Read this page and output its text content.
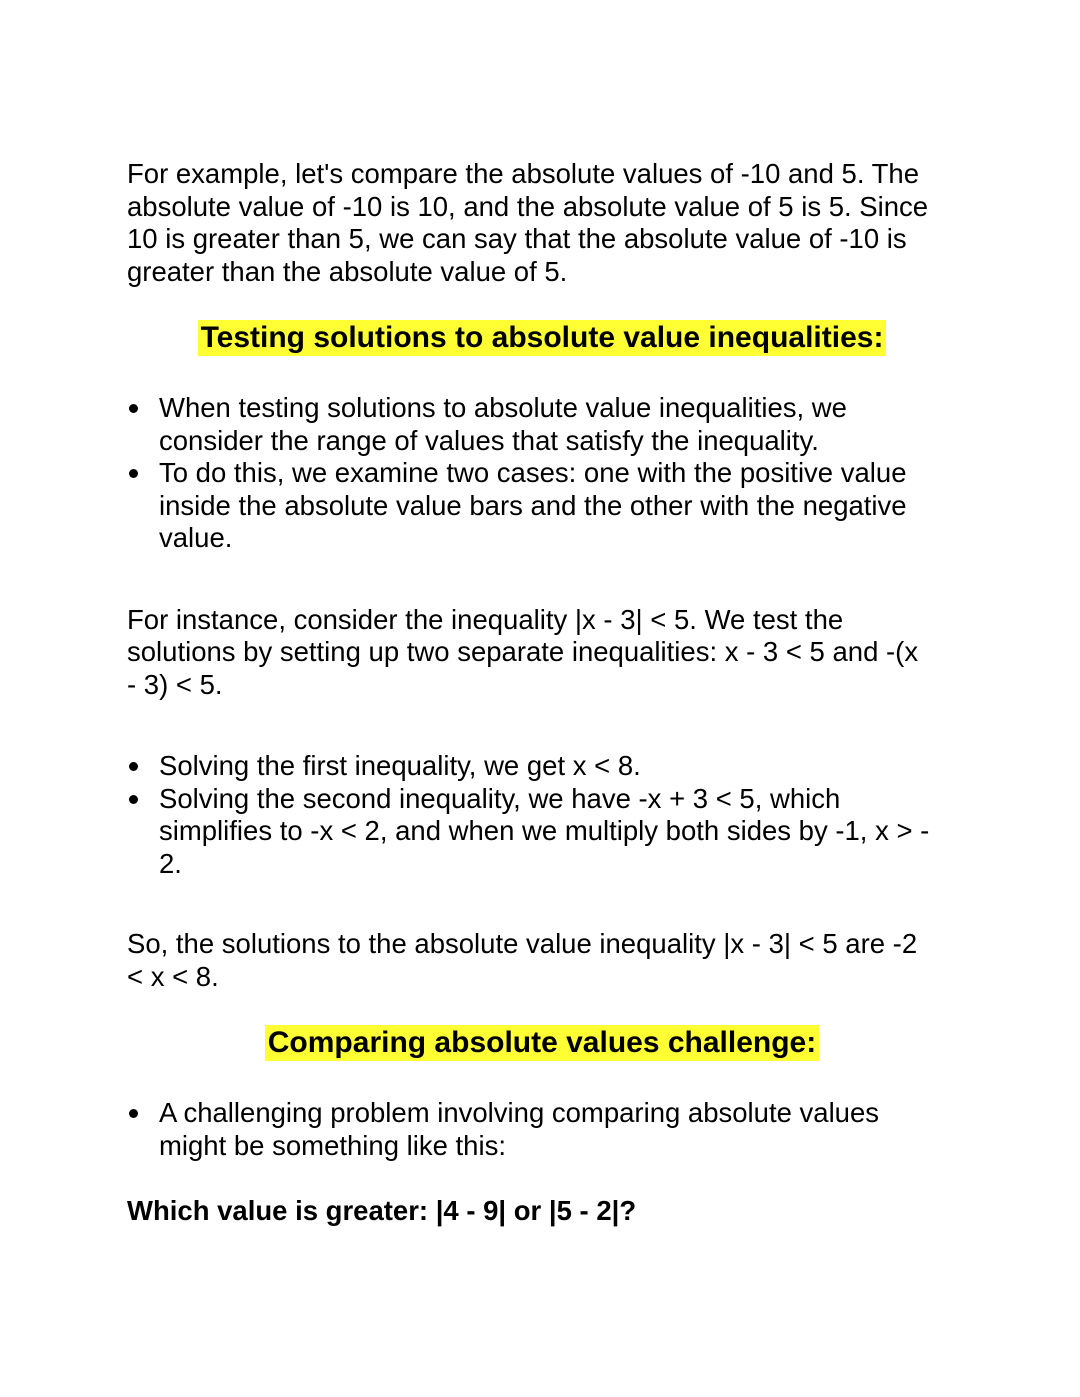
For example, let's compare the absolute values of -10 and 5. The
absolute value of -10 is 10, and the absolute value of 5 is 5. Since
10 is greater than 5, we can say that the absolute value of -10 is
greater than the absolute value of 5.

Testing solutions to absolute value inequalities:
When testing solutions to absolute value inequalities, we
consider the range of values that satisfy the inequality.
To do this, we examine two cases: one with the positive value
inside the absolute value bars and the other with the negative
value.

For instance, consider the inequality |x - 3| < 5. We test the
solutions by setting up two separate inequalities: x - 3 < 5 and -(x
- 3) < 5.

Solving the first inequality, we get x < 8.
Solving the second inequality, we have -x + 3 < 5, which
simplifies to -x < 2, and when we multiply both sides by -1, x > -
2.

So, the solutions to the absolute value inequality |x - 3| < 5 are -2
< x < 8.

Comparing absolute values challenge:
A challenging problem involving comparing absolute values
might be something like this:

Which value is greater: |4 - 9| or |5 - 2|?
